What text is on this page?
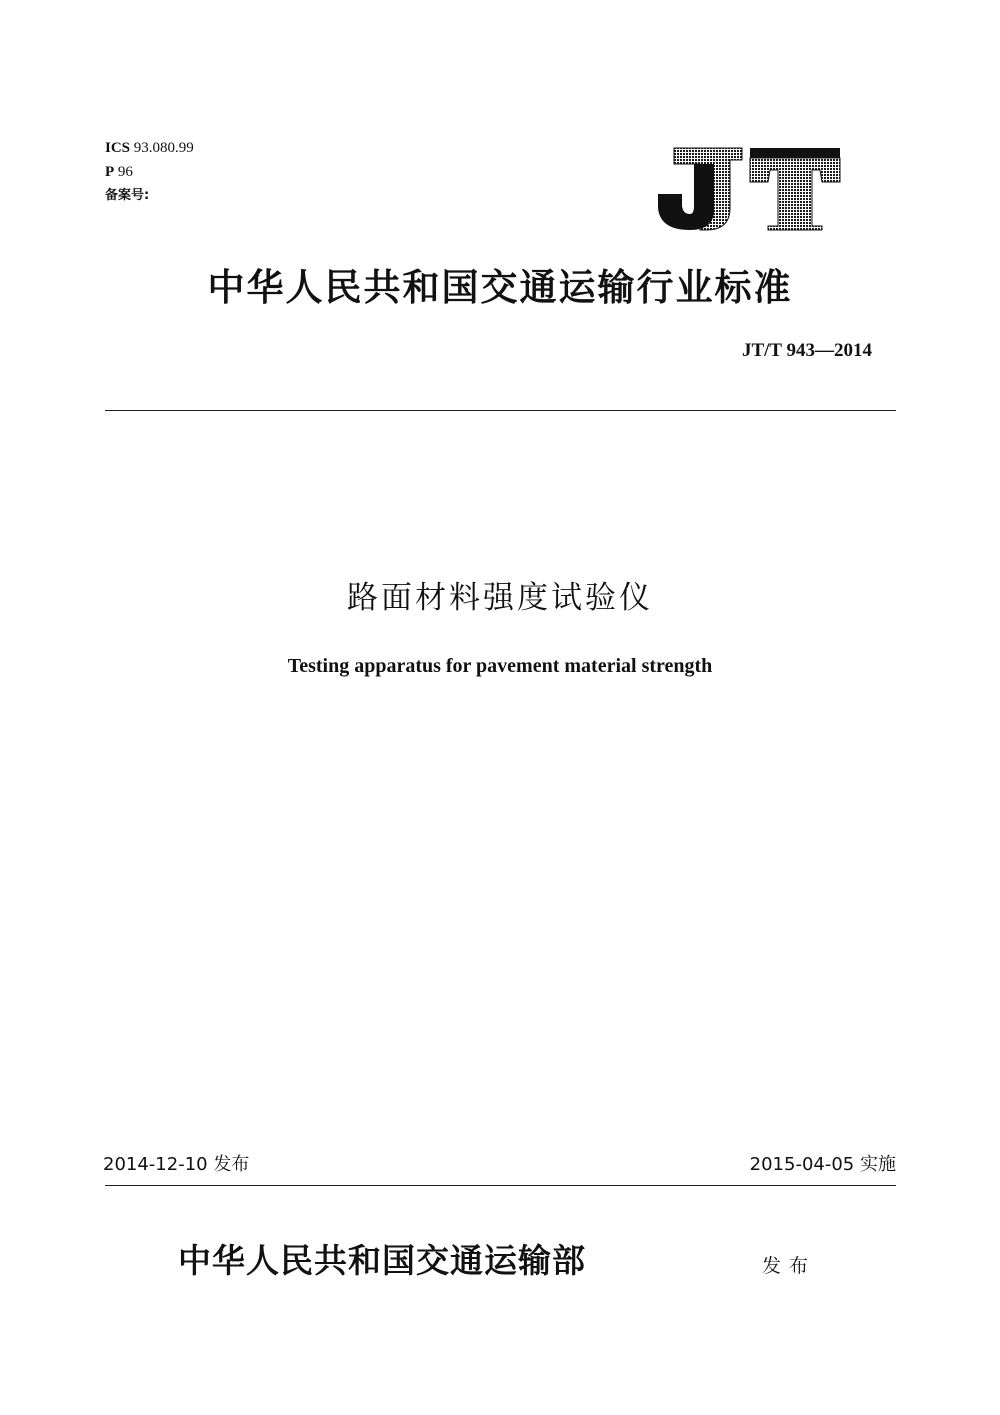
ICS 93.080.99
P 96
备案号:
中华人民共和国交通运输行业标准
JT/T 943—2014
路面材料强度试验仪
Testing apparatus for pavement material strength
2014-12-10 发布	2015-04-05 实施
中华人民共和国交通运输部	发布
